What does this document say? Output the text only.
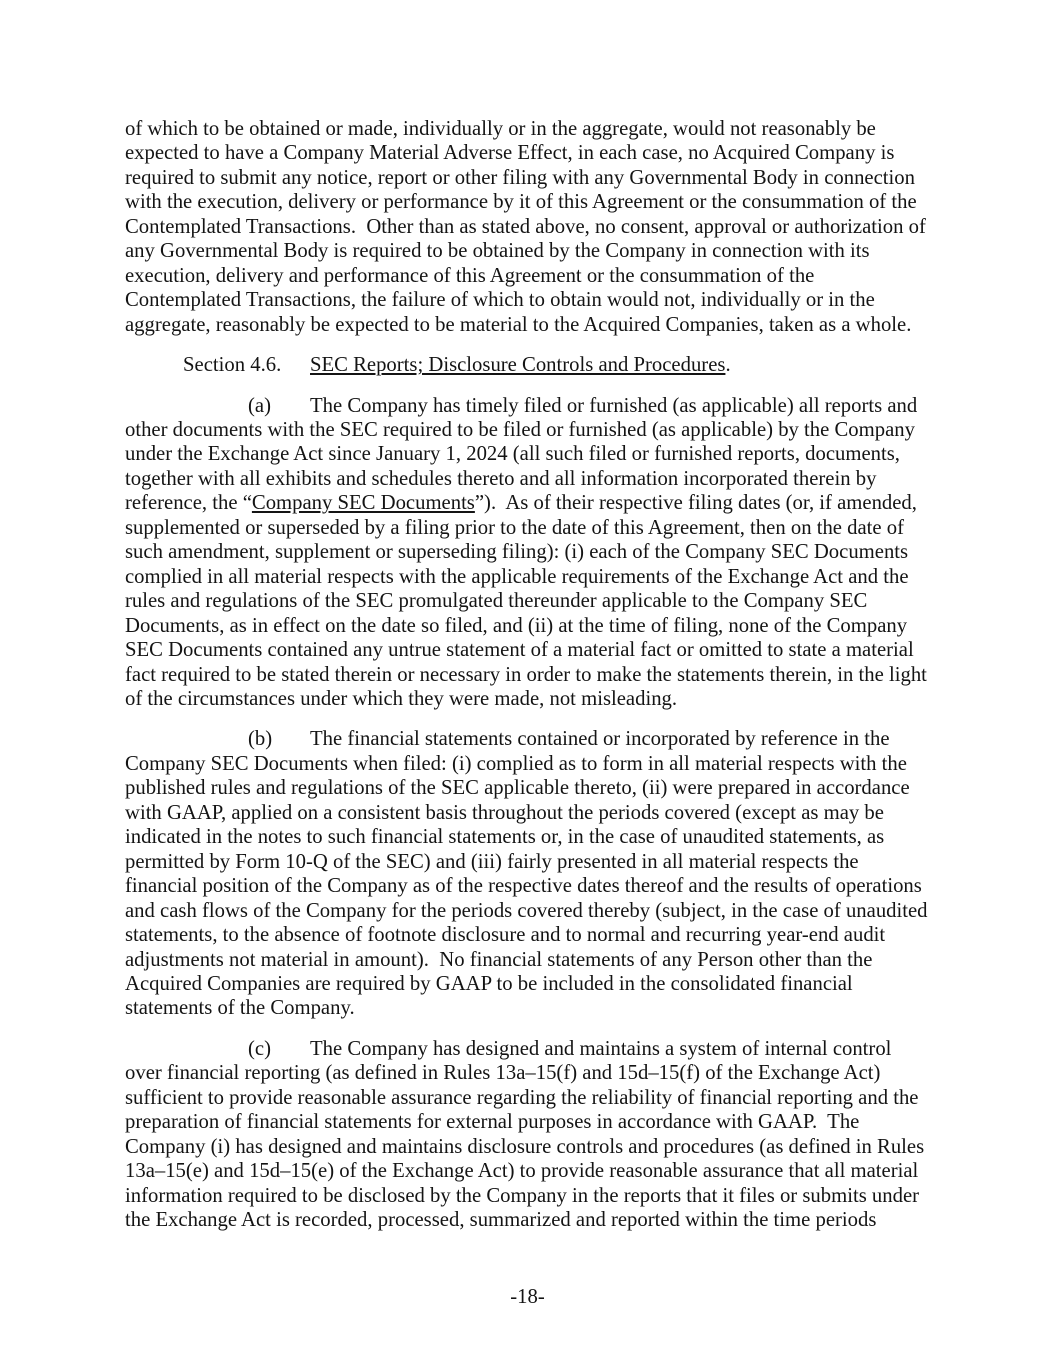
of which to be obtained or made, individually or in the aggregate, would not reasonably be expected to have a Company Material Adverse Effect, in each case, no Acquired Company is required to submit any notice, report or other filing with any Governmental Body in connection with the execution, delivery or performance by it of this Agreement or the consummation of the Contemplated Transactions.  Other than as stated above, no consent, approval or authorization of any Governmental Body is required to be obtained by the Company in connection with its execution, delivery and performance of this Agreement or the consummation of the Contemplated Transactions, the failure of which to obtain would not, individually or in the aggregate, reasonably be expected to be material to the Acquired Companies, taken as a whole.

Section 4.6. SEC Reports; Disclosure Controls and Procedures.

(a) The Company has timely filed or furnished (as applicable) all reports and other documents with the SEC required to be filed or furnished (as applicable) by the Company under the Exchange Act since January 1, 2024 (all such filed or furnished reports, documents, together with all exhibits and schedules thereto and all information incorporated therein by reference, the “Company SEC Documents”).  As of their respective filing dates (or, if amended, supplemented or superseded by a filing prior to the date of this Agreement, then on the date of such amendment, supplement or superseding filing): (i) each of the Company SEC Documents complied in all material respects with the applicable requirements of the Exchange Act and the rules and regulations of the SEC promulgated thereunder applicable to the Company SEC Documents, as in effect on the date so filed, and (ii) at the time of filing, none of the Company SEC Documents contained any untrue statement of a material fact or omitted to state a material fact required to be stated therein or necessary in order to make the statements therein, in the light of the circumstances under which they were made, not misleading.

(b) The financial statements contained or incorporated by reference in the Company SEC Documents when filed: (i) complied as to form in all material respects with the published rules and regulations of the SEC applicable thereto, (ii) were prepared in accordance with GAAP, applied on a consistent basis throughout the periods covered (except as may be indicated in the notes to such financial statements or, in the case of unaudited statements, as permitted by Form 10-Q of the SEC) and (iii) fairly presented in all material respects the financial position of the Company as of the respective dates thereof and the results of operations and cash flows of the Company for the periods covered thereby (subject, in the case of unaudited statements, to the absence of footnote disclosure and to normal and recurring year-end audit adjustments not material in amount).  No financial statements of any Person other than the Acquired Companies are required by GAAP to be included in the consolidated financial statements of the Company.

(c) The Company has designed and maintains a system of internal control over financial reporting (as defined in Rules 13a–15(f) and 15d–15(f) of the Exchange Act) sufficient to provide reasonable assurance regarding the reliability of financial reporting and the preparation of financial statements for external purposes in accordance with GAAP.  The Company (i) has designed and maintains disclosure controls and procedures (as defined in Rules 13a–15(e) and 15d–15(e) of the Exchange Act) to provide reasonable assurance that all material information required to be disclosed by the Company in the reports that it files or submits under the Exchange Act is recorded, processed, summarized and reported within the time periods

-18-
